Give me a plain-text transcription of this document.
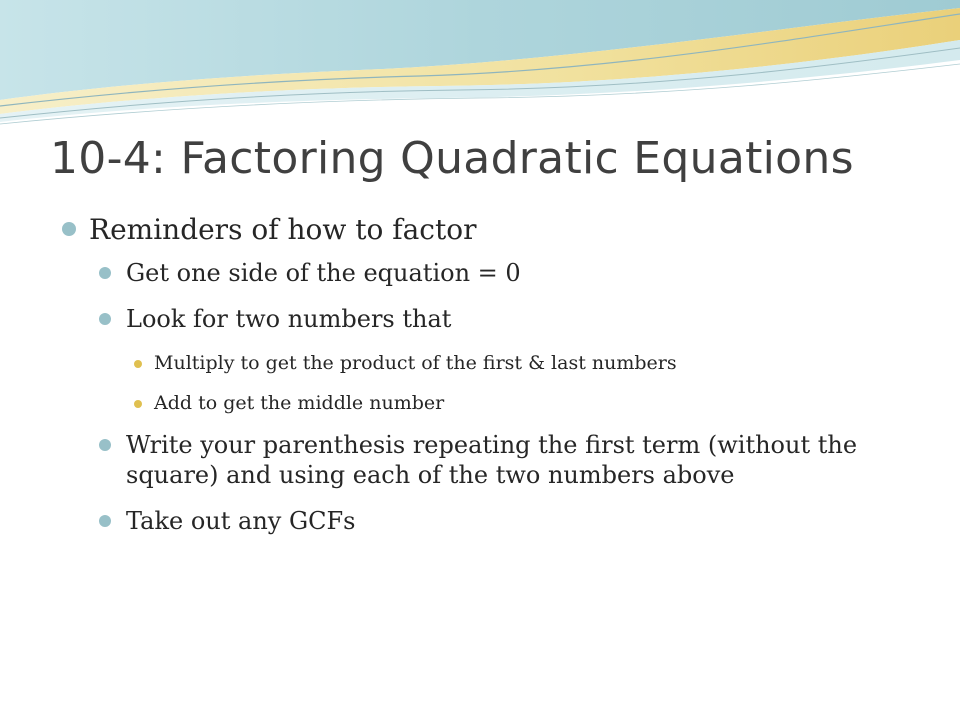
10-4: Factoring Quadratic Equations
Reminders of how to factor
Get one side of the equation = 0
Look for two numbers that
Multiply to get the product of the first & last numbers
Add to get the middle number
Write your parenthesis repeating the first term (without the square) and using each of the two numbers above
Take out any GCFs
